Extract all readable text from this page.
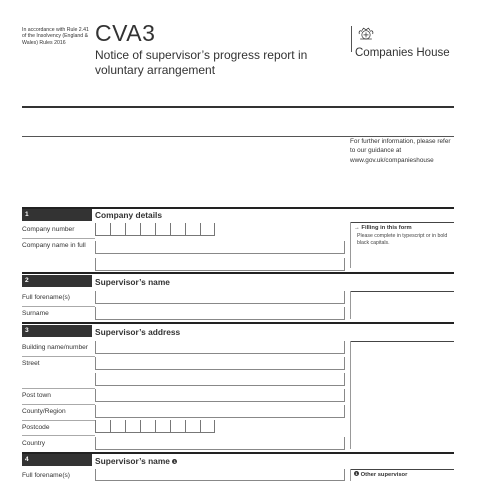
In accordance with Rule 2.41 of the Insolvency (England & Wales) Rules 2016	CVA3
Notice of supervisor’s progress report in voluntary arrangement
Companies House
For further information, please refer to our guidance at www.gov.uk/companieshouse
1	Company details
Company number
Company name in full
→ Filling in this form
Please complete in typescript or in bold black capitals.
2	Supervisor’s name
Full forename(s)
Surname
3	Supervisor’s address
Building name/number
Street
Post town
County/Region
Postcode
Country
4	Supervisor’s name 1
Full forename(s)	1 Other supervisor
